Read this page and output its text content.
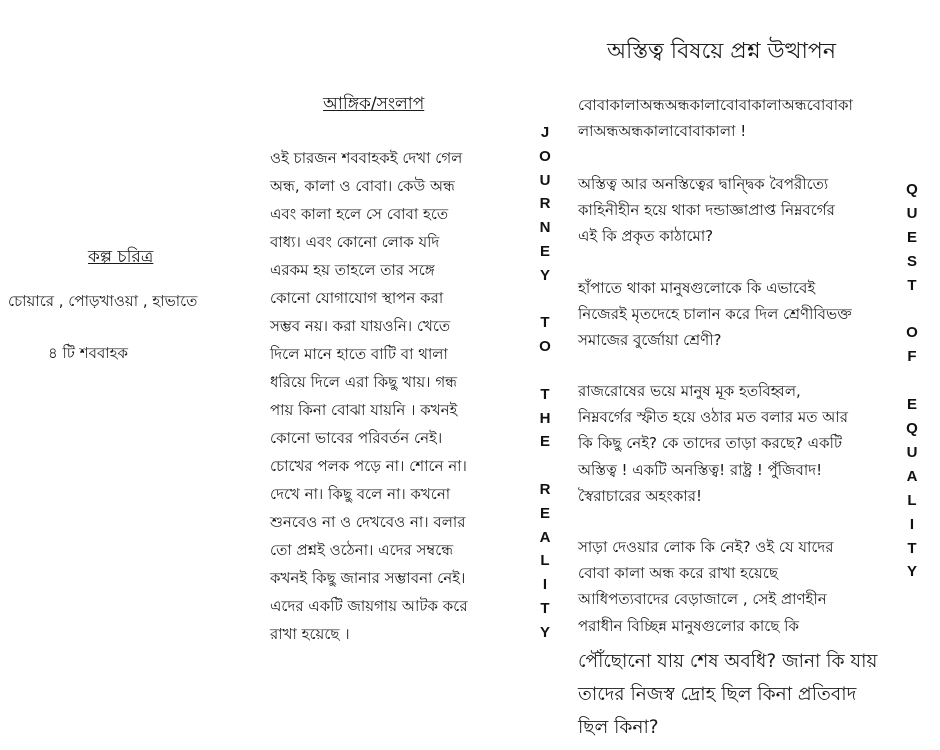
কল্প চরিত্র
চোয়ারে , পোড়খাওয়া , হাভাতে
৪ টি শববাহক
আঙ্গিক/সংলাপ
ওই চারজন শববাহকই দেখা গেল
অন্ধ, কালা ও বোবা। কেউ অন্ধ
এবং কালা হলে সে বোবা হতে
বাধ্য। এবং কোনো লোক যদি
এরকম হয় তাহলে তার সঙ্গে
কোনো যোগাযোগ স্থাপন করা
সম্ভব নয়। করা যায়ওনি। খেতে
দিলে মানে হাতে বাটি বা থালা
ধরিয়ে দিলে এরা কিছু খায়। গন্ধ
পায় কিনা বোঝা যায়নি । কখনই
কোনো ভাবের পরিবর্তন নেই।
চোখের পলক পড়ে না। শোনে না।
দেখে না। কিছু বলে না। কখনো
শুনবেও না ও দেখবেও না। বলার
তো প্রশ্নই ওঠেনা। এদের সম্বন্ধে
কখনই কিছু জানার সম্ভাবনা নেই।
এদের একটি জায়গায় আটক করে
রাখা হয়েছে ।
J
O
U
R
N
E
Y
T
O
T
H
E
R
E
A
L
I
T
Y
Q
U
E
S
T
O
F
E
Q
U
A
L
I
T
Y
অস্তিত্ব বিষয়ে প্রশ্ন উত্থাপন
বোবাকালাঅন্ধঅন্ধকালাবোবাকালাঅন্ধবোবাকা
লাঅন্ধঅন্ধকালাবোবাকালা !
অস্তিত্ব আর অনস্তিত্বের দ্বান্দ্বিক বৈপরীত্যে
কাহিনীহীন হয়ে থাকা দন্ডাজ্ঞাপ্রাপ্ত নিম্নবর্গের
এই কি প্রকৃত কাঠামো?
হাঁপাতে থাকা মানুষগুলোকে কি এভাবেই
নিজেরই মৃতদেহে চালান করে দিল শ্রেণীবিভক্ত
সমাজের বুর্জোয়া শ্রেণী?
রাজরোষের ভয়ে মানুষ মূক হতবিহ্বল,
নিম্নবর্গের স্ফীত হয়ে ওঠার মত বলার মত আর
কি কিছু নেই? কে তাদের তাড়া করছে? একটি
অস্তিত্ব ! একটি অনস্তিত্ব! রাষ্ট্র ! পুঁজিবাদ!
স্বৈরাচারের অহংকার!
সাড়া দেওয়ার লোক কি নেই? ওই যে যাদের
বোবা কালা অন্ধ করে রাখা হয়েছে
আধিপত্যবাদের বেড়াজালে , সেই প্রাণহীন
পরাধীন বিচ্ছিন্ন মানুষগুলোর কাছে কি
পৌঁছোনো যায় শেষ অবধি? জানা কি যায়
তাদের নিজস্ব দ্রোহ ছিল কিনা প্রতিবাদ
ছিল কিনা?
